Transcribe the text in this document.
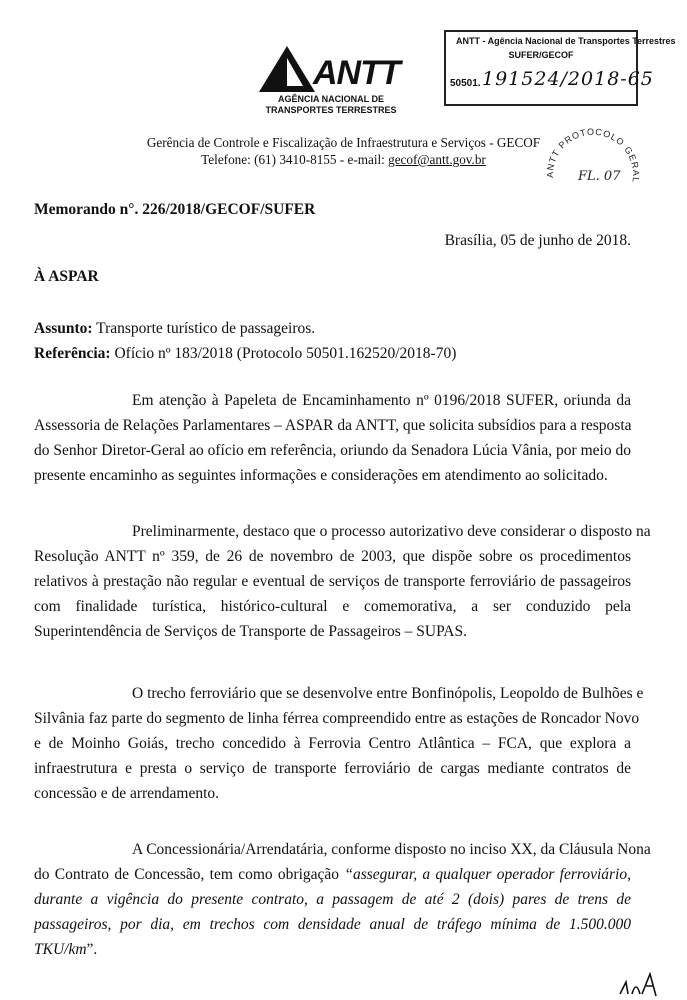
ANTT
AGÊNCIA NACIONAL DE
TRANSPORTES TERRESTRES
ANTT - Agência Nacional de Transportes Terrestres
SUFER/GECOF
50501. 191524/2018-65
ANTT PROTOCOLO GERAL
FL. 07
Gerência de Controle e Fiscalização de Infraestrutura e Serviços - GECOF
Telefone: (61) 3410-8155 - e-mail: gecof@antt.gov.br
Memorando n°. 226/2018/GECOF/SUFER
Brasília, 05 de junho de 2018.
À ASPAR
Assunto: Transporte turístico de passageiros.
Referência: Ofício nº 183/2018 (Protocolo 50501.162520/2018-70)
Em atenção à Papeleta de Encaminhamento nº 0196/2018 SUFER, oriunda da
Assessoria de Relações Parlamentares – ASPAR da ANTT, que solicita subsídios para a resposta
do Senhor Diretor-Geral ao ofício em referência, oriundo da Senadora Lúcia Vânia, por meio do
presente encaminho as seguintes informações e considerações em atendimento ao solicitado.
Preliminarmente, destaco que o processo autorizativo deve considerar o disposto na
Resolução ANTT nº 359, de 26 de novembro de 2003, que dispõe sobre os procedimentos
relativos à prestação não regular e eventual de serviços de transporte ferroviário de passageiros
com finalidade turística, histórico-cultural e comemorativa, a ser conduzido pela
Superintendência de Serviços de Transporte de Passageiros – SUPAS.
O trecho ferroviário que se desenvolve entre Bonfinópolis, Leopoldo de Bulhões e
Silvânia faz parte do segmento de linha férrea compreendido entre as estações de Roncador Novo
e de Moinho Goiás, trecho concedido à Ferrovia Centro Atlântica – FCA, que explora a
infraestrutura e presta o serviço de transporte ferroviário de cargas mediante contratos de
concessão e de arrendamento.
A Concessionária/Arrendatária, conforme disposto no inciso XX, da Cláusula Nona
do Contrato de Concessão, tem como obrigação “assegurar, a qualquer operador ferroviário,
durante a vigência do presente contrato, a passagem de até 2 (dois) pares de trens de
passageiros, por dia, em trechos com densidade anual de tráfego mínima de 1.500.000
TKU/km”.
